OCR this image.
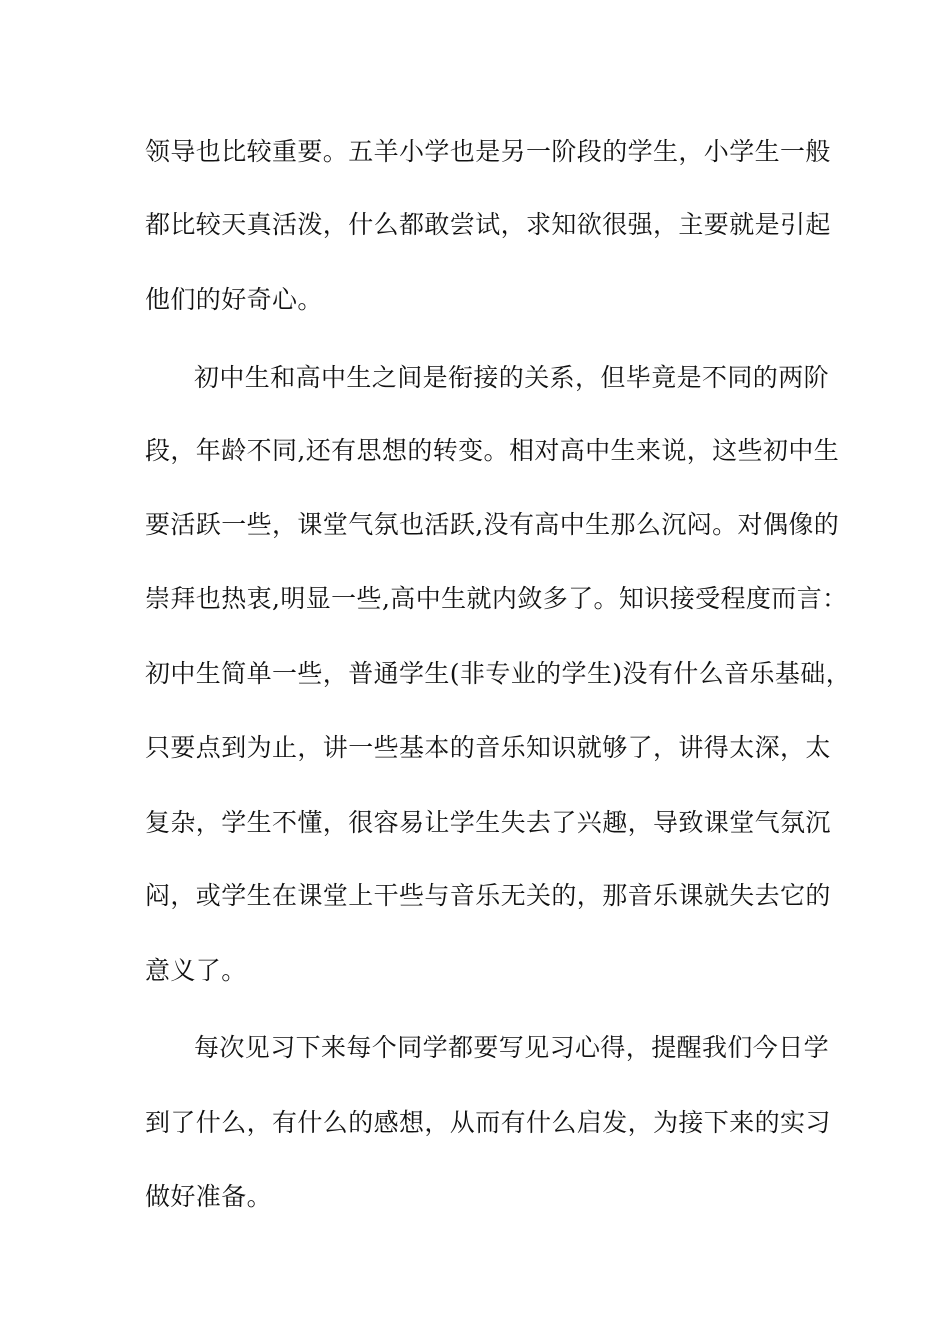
领导也比较重要。五羊小学也是另一阶段的学生，小学生一般
都比较天真活泼，什么都敢尝试，求知欲很强，主要就是引起
他们的好奇心。
初中生和高中生之间是衔接的关系，但毕竟是不同的两阶
段，年龄不同,还有思想的转变。相对高中生来说，这些初中生
要活跃一些，课堂气氛也活跃,没有高中生那么沉闷。对偶像的
崇拜也热衷,明显一些,高中生就内敛多了。知识接受程度而言：
初中生简单一些，普通学生(非专业的学生)没有什么音乐基础，
只要点到为止，讲一些基本的音乐知识就够了，讲得太深，太
复杂，学生不懂，很容易让学生失去了兴趣，导致课堂气氛沉
闷，或学生在课堂上干些与音乐无关的，那音乐课就失去它的
意义了。
每次见习下来每个同学都要写见习心得，提醒我们今日学
到了什么，有什么的感想，从而有什么启发，为接下来的实习
做好准备。
